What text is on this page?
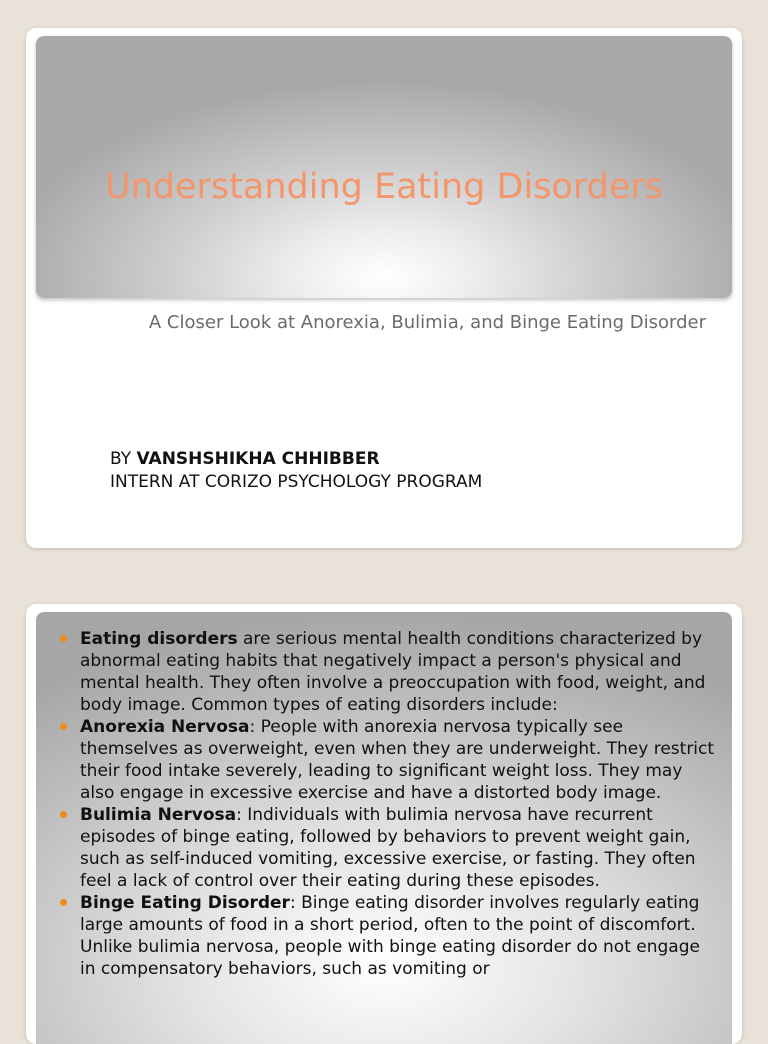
Understanding Eating Disorders
A Closer Look at Anorexia, Bulimia, and Binge Eating Disorder
BY VANSHSHIKHA CHHIBBER
INTERN AT CORIZO PSYCHOLOGY PROGRAM
Eating disorders are serious mental health conditions characterized by abnormal eating habits that negatively impact a person's physical and mental health. They often involve a preoccupation with food, weight, and body image. Common types of eating disorders include:
Anorexia Nervosa: People with anorexia nervosa typically see themselves as overweight, even when they are underweight. They restrict their food intake severely, leading to significant weight loss. They may also engage in excessive exercise and have a distorted body image.
Bulimia Nervosa: Individuals with bulimia nervosa have recurrent episodes of binge eating, followed by behaviors to prevent weight gain, such as self-induced vomiting, excessive exercise, or fasting. They often feel a lack of control over their eating during these episodes.
Binge Eating Disorder: Binge eating disorder involves regularly eating large amounts of food in a short period, often to the point of discomfort. Unlike bulimia nervosa, people with binge eating disorder do not engage in compensatory behaviors, such as vomiting or
